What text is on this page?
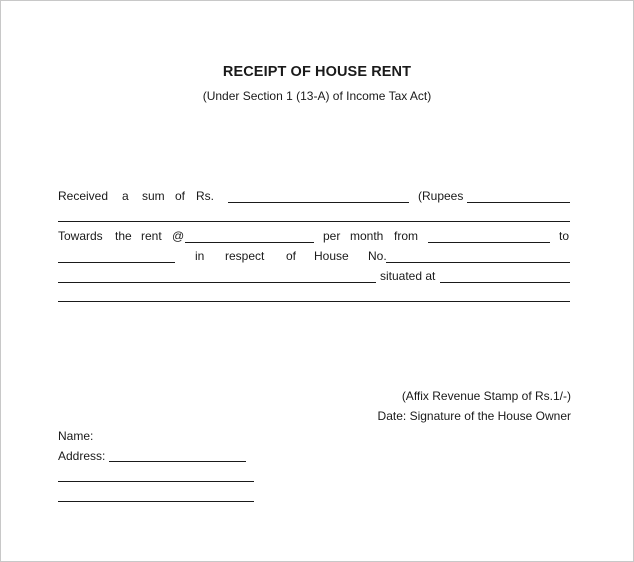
RECEIPT OF HOUSE RENT
(Under Section 1 (13-A) of Income Tax Act)
Received a sum of Rs.	(Rupees
Towards the rent @	per month from	to
in respect of House No.
situated at
(Affix Revenue Stamp of Rs.1/-)
Date: Signature of the House Owner
Name:
Address:
